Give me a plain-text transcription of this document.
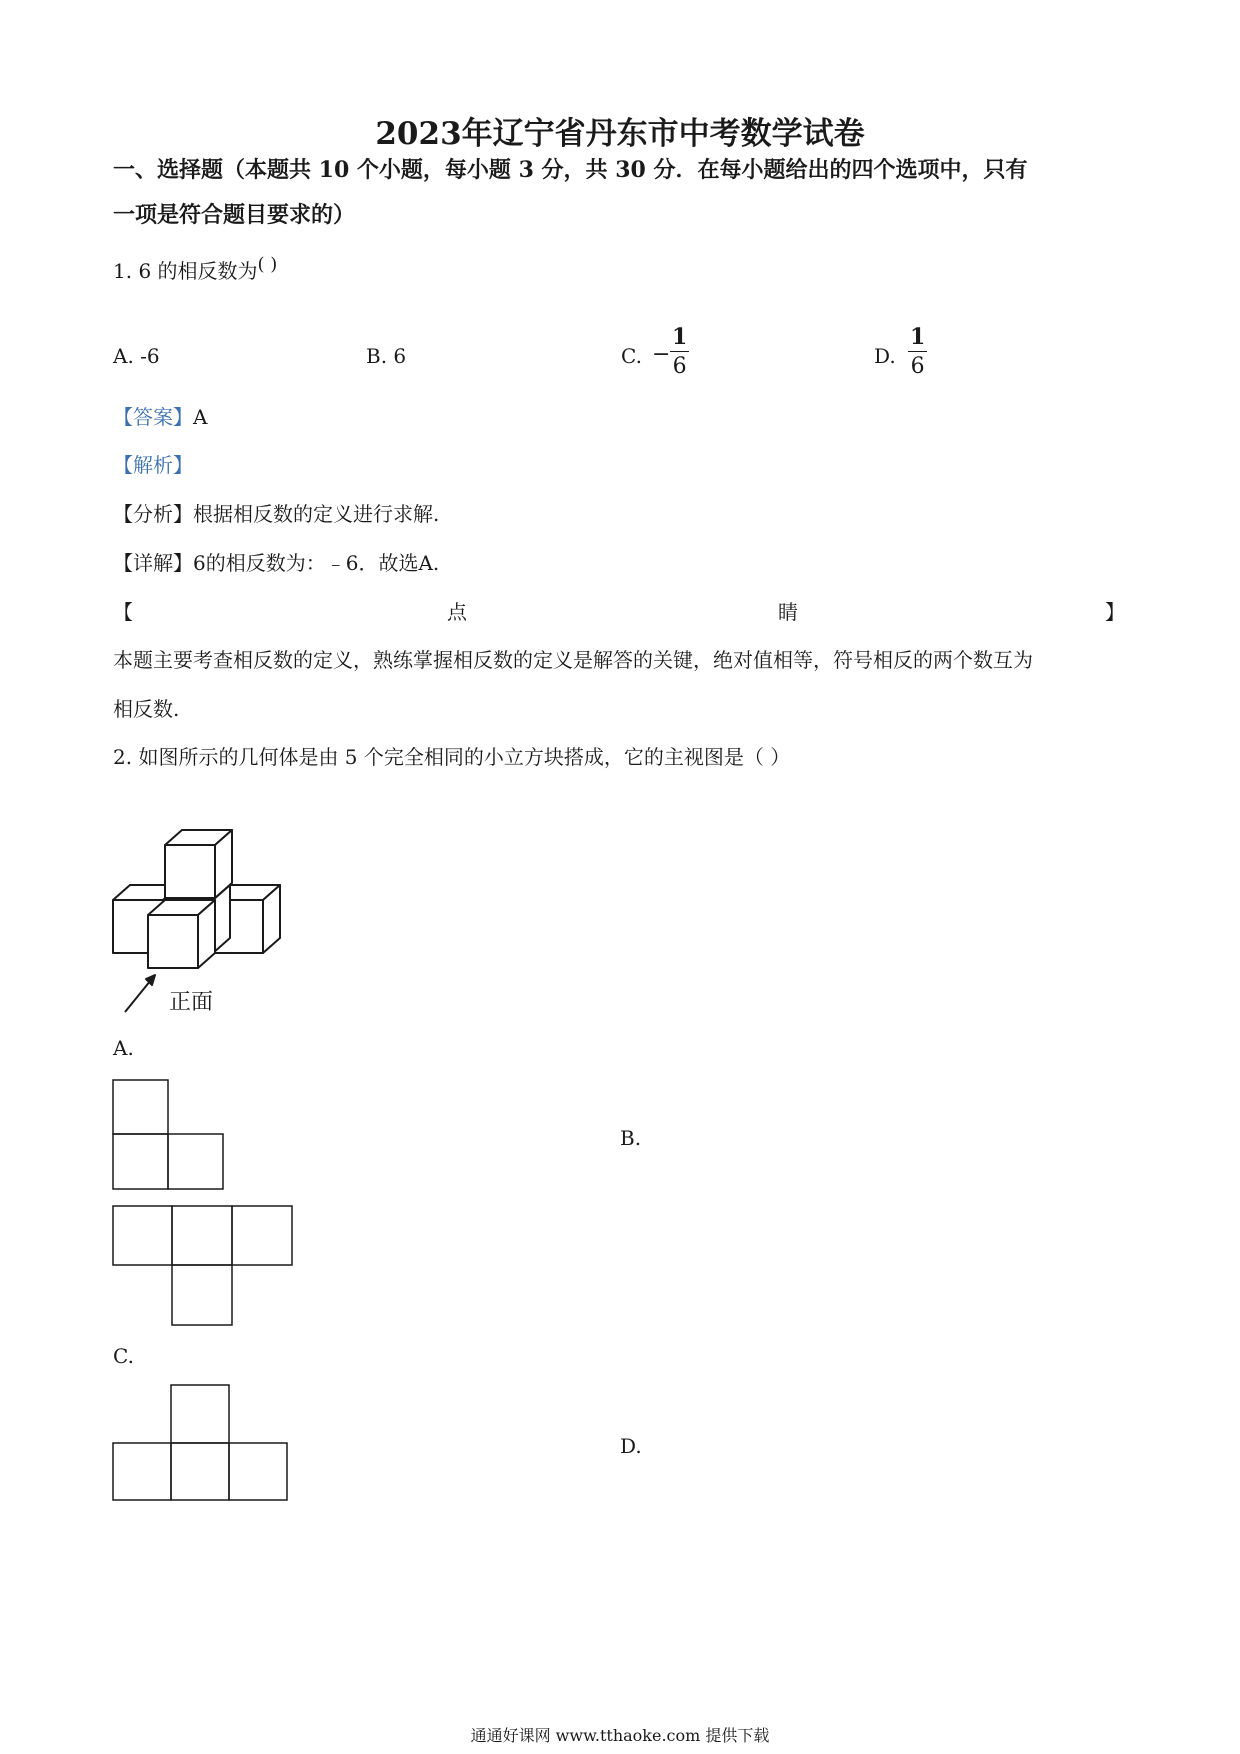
2023年辽宁省丹东市中考数学试卷
一、选择题（本题共 10 个小题，每小题 3 分，共 30 分．在每小题给出的四个选项中，只有
一项是符合题目要求的）
1. 6 的相反数为( )
A. -6	B. 6	C. − $\frac{1}{6}$	D. $\frac{1}{6}$
【答案】A
【解析】
【分析】根据相反数的定义进行求解.
【详解】6的相反数为：﹣6．故选A.
【	点	睛	】
本题主要考查相反数的定义，熟练掌握相反数的定义是解答的关键，绝对值相等，符号相反的两个数互为
相反数.
2. 如图所示的几何体是由 5 个完全相同的小立方块搭成，它的主视图是（ ）
正面
A.
B.
C.
D.
通通好课网 www.tthaoke.com 提供下载
